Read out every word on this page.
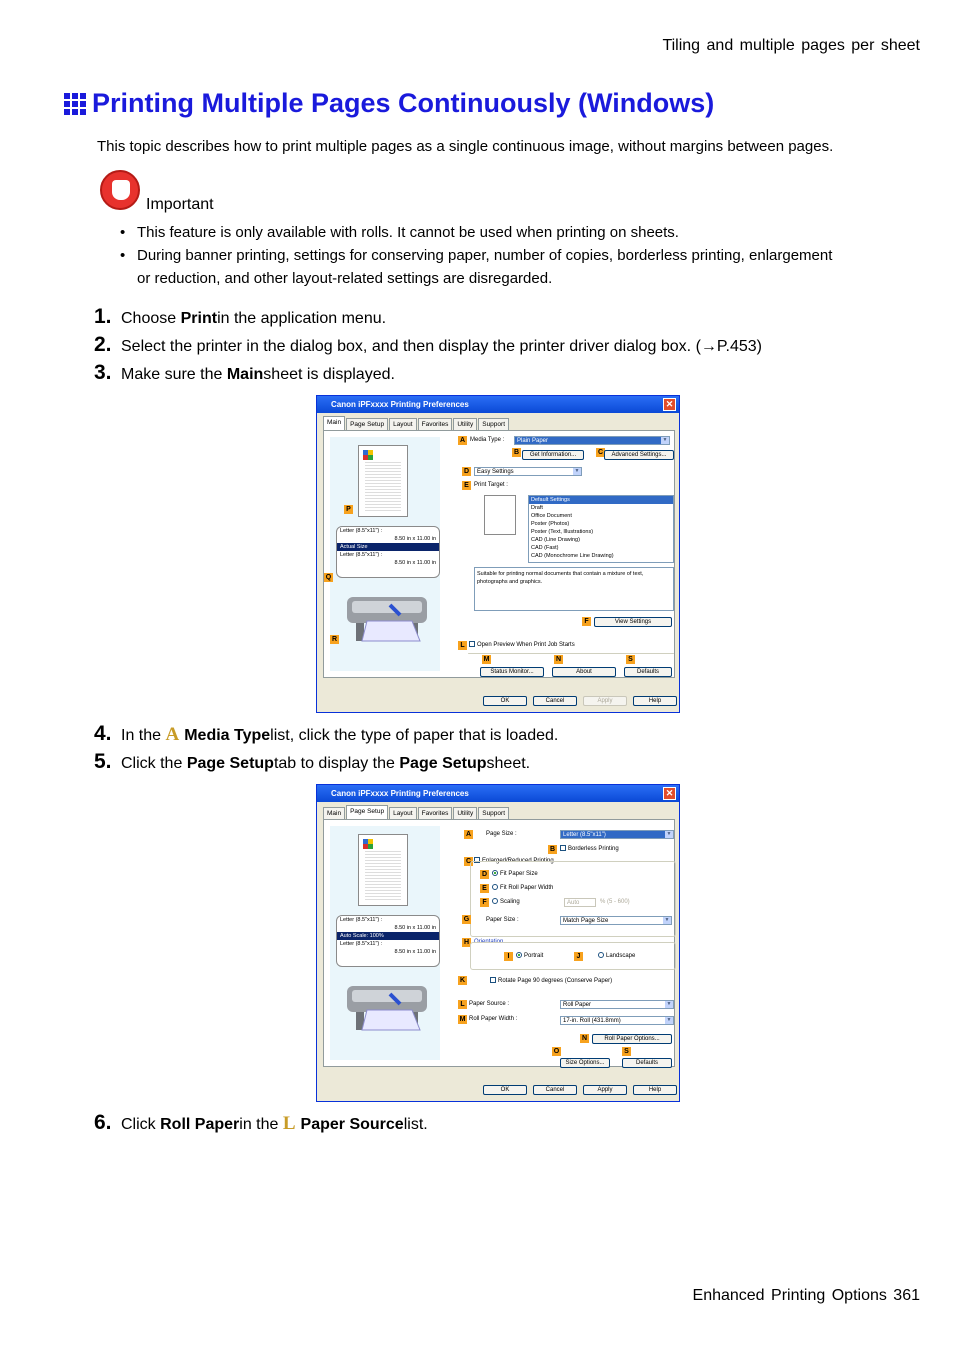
Tiling and multiple pages per sheet
Printing Multiple Pages Continuously (Windows)
This topic describes how to print multiple pages as a single continuous image, without margins between pages.
Important
• This feature is only available with rolls. It cannot be used when printing on sheets.
• During banner printing, settings for conserving paper, number of copies, borderless printing, enlargement or reduction, and other layout-related settings are disregarded.
1. Choose
Print in the application menu.
2. Select the printer in the dialog box, and then display the printer driver dialog box. (→P.453)
3. Make sure the
Main sheet is displayed.
Canon iPFxxxx Printing Preferences	✕
Main	Page Setup	Layout	Favorites	Utility	Support
Letter (8.5"x11") :
8.50 in x 11.00 in
Actual Size
Letter (8.5"x11") :
8.50 in x 11.00 in
P
Q
R
A Media Type :	Plain Paper	▼
B	Get Information...	C	Advanced Settings...
D	Easy Settings	▼
E Print Target :
Default Settings
Draft
Office Document
Poster (Photos)
Poster (Text, Illustrations)
CAD (Line Drawing)
CAD (Fast)
CAD (Monochrome Line Drawing)
Suitable for printing normal documents that contain a mixture of text, photographs and graphics.
F	View Settings
L	Open Preview When Print Job Starts
M	N	S
Status Monitor...	About	Defaults
OK	Cancel	Apply	Help
4. In the
A Media Type list, click the type of paper that is loaded.
5. Click the
Page Setup tab to display the
Page Setup sheet.
Canon iPFxxxx Printing Preferences	✕
Main	Page Setup	Layout	Favorites	Utility	Support
Letter (8.5"x11") :
8.50 in x 11.00 in
Auto Scale: 100%
Letter (8.5"x11") :
8.50 in x 11.00 in
A	Page Size :	Letter (8.5"x11")	▼
B	Borderless Printing
C	Enlarged/Reduced Printing
D	Fit Paper Size
E	Fit Roll Paper Width
F	Scaling	Auto	% (5 - 600)
G	Paper Size :	Match Page Size	▼
H Orientation
I	Portrait	J	Landscape
K	Rotate Page 90 degrees (Conserve Paper)
L Paper Source :	Roll Paper	▼
M Roll Paper Width :	17-in. Roll (431.8mm)	▼
N	Roll Paper Options...
O	S
Size Options...	Defaults
OK	Cancel	Apply	Help
6. Click
Roll Paper in the
L Paper Source list.
Enhanced Printing Options 361
